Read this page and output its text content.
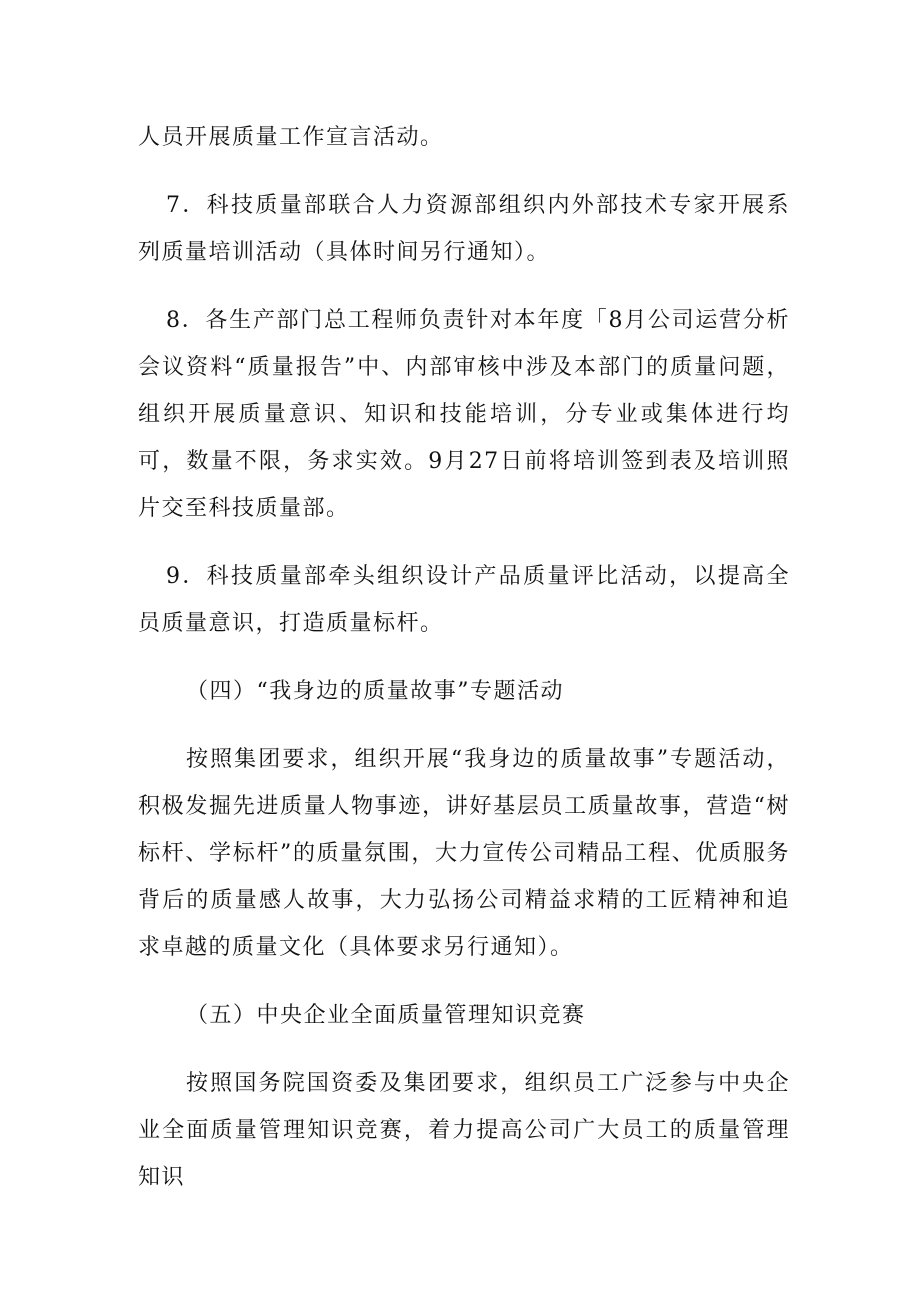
人员开展质量工作宣言活动。

7．科技质量部联合人力资源部组织内外部技术专家开展系列质量培训活动（具体时间另行通知）。

8．各生产部门总工程师负责针对本年度「8月公司运营分析会议资料“质量报告”中、内部审核中涉及本部门的质量问题，组织开展质量意识、知识和技能培训，分专业或集体进行均可，数量不限，务求实效。9月27日前将培训签到表及培训照片交至科技质量部。

9．科技质量部牵头组织设计产品质量评比活动，以提高全员质量意识，打造质量标杆。

（四）“我身边的质量故事”专题活动

按照集团要求，组织开展“我身边的质量故事”专题活动，积极发掘先进质量人物事迹，讲好基层员工质量故事，营造“树标杆、学标杆”的质量氛围，大力宣传公司精品工程、优质服务背后的质量感人故事，大力弘扬公司精益求精的工匠精神和追求卓越的质量文化（具体要求另行通知）。

（五）中央企业全面质量管理知识竞赛

按照国务院国资委及集团要求，组织员工广泛参与中央企业全面质量管理知识竞赛，着力提高公司广大员工的质量管理知识
